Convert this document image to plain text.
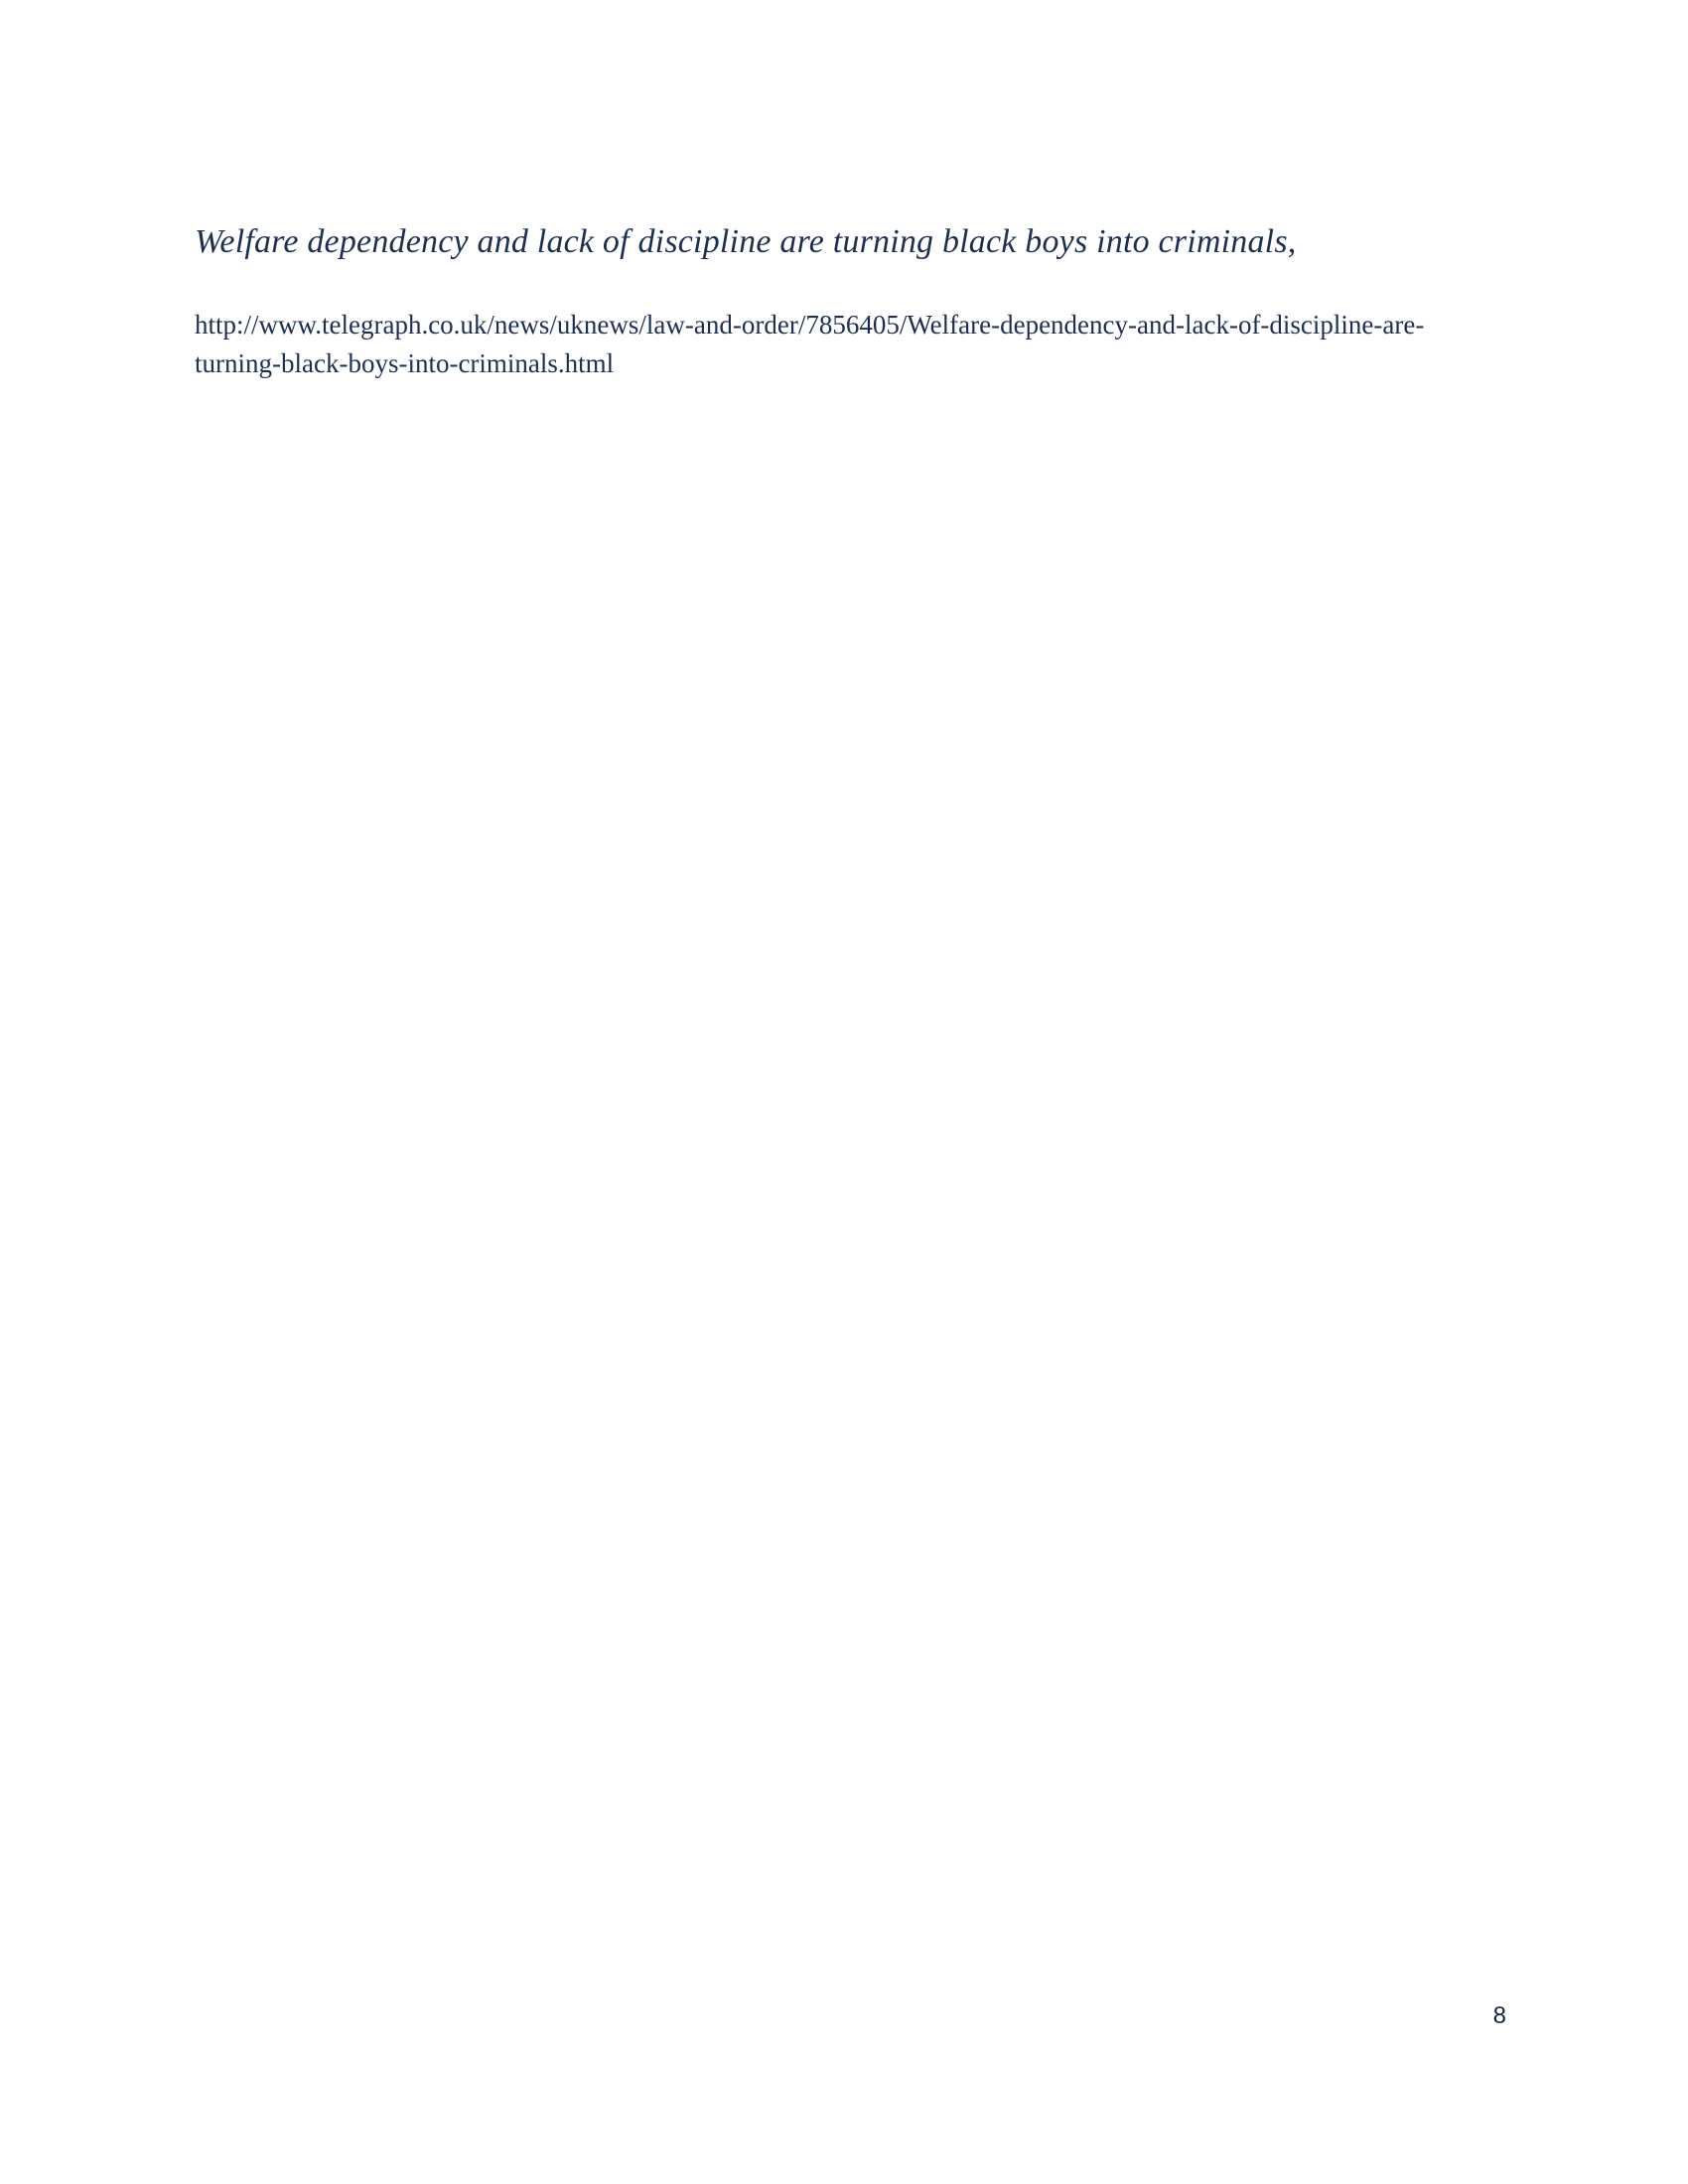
Welfare dependency and lack of discipline are turning black boys into criminals,

http://www.telegraph.co.uk/news/uknews/law-and-order/7856405/Welfare-dependency-and-lack-of-discipline-are-turning-black-boys-into-criminals.html

8
